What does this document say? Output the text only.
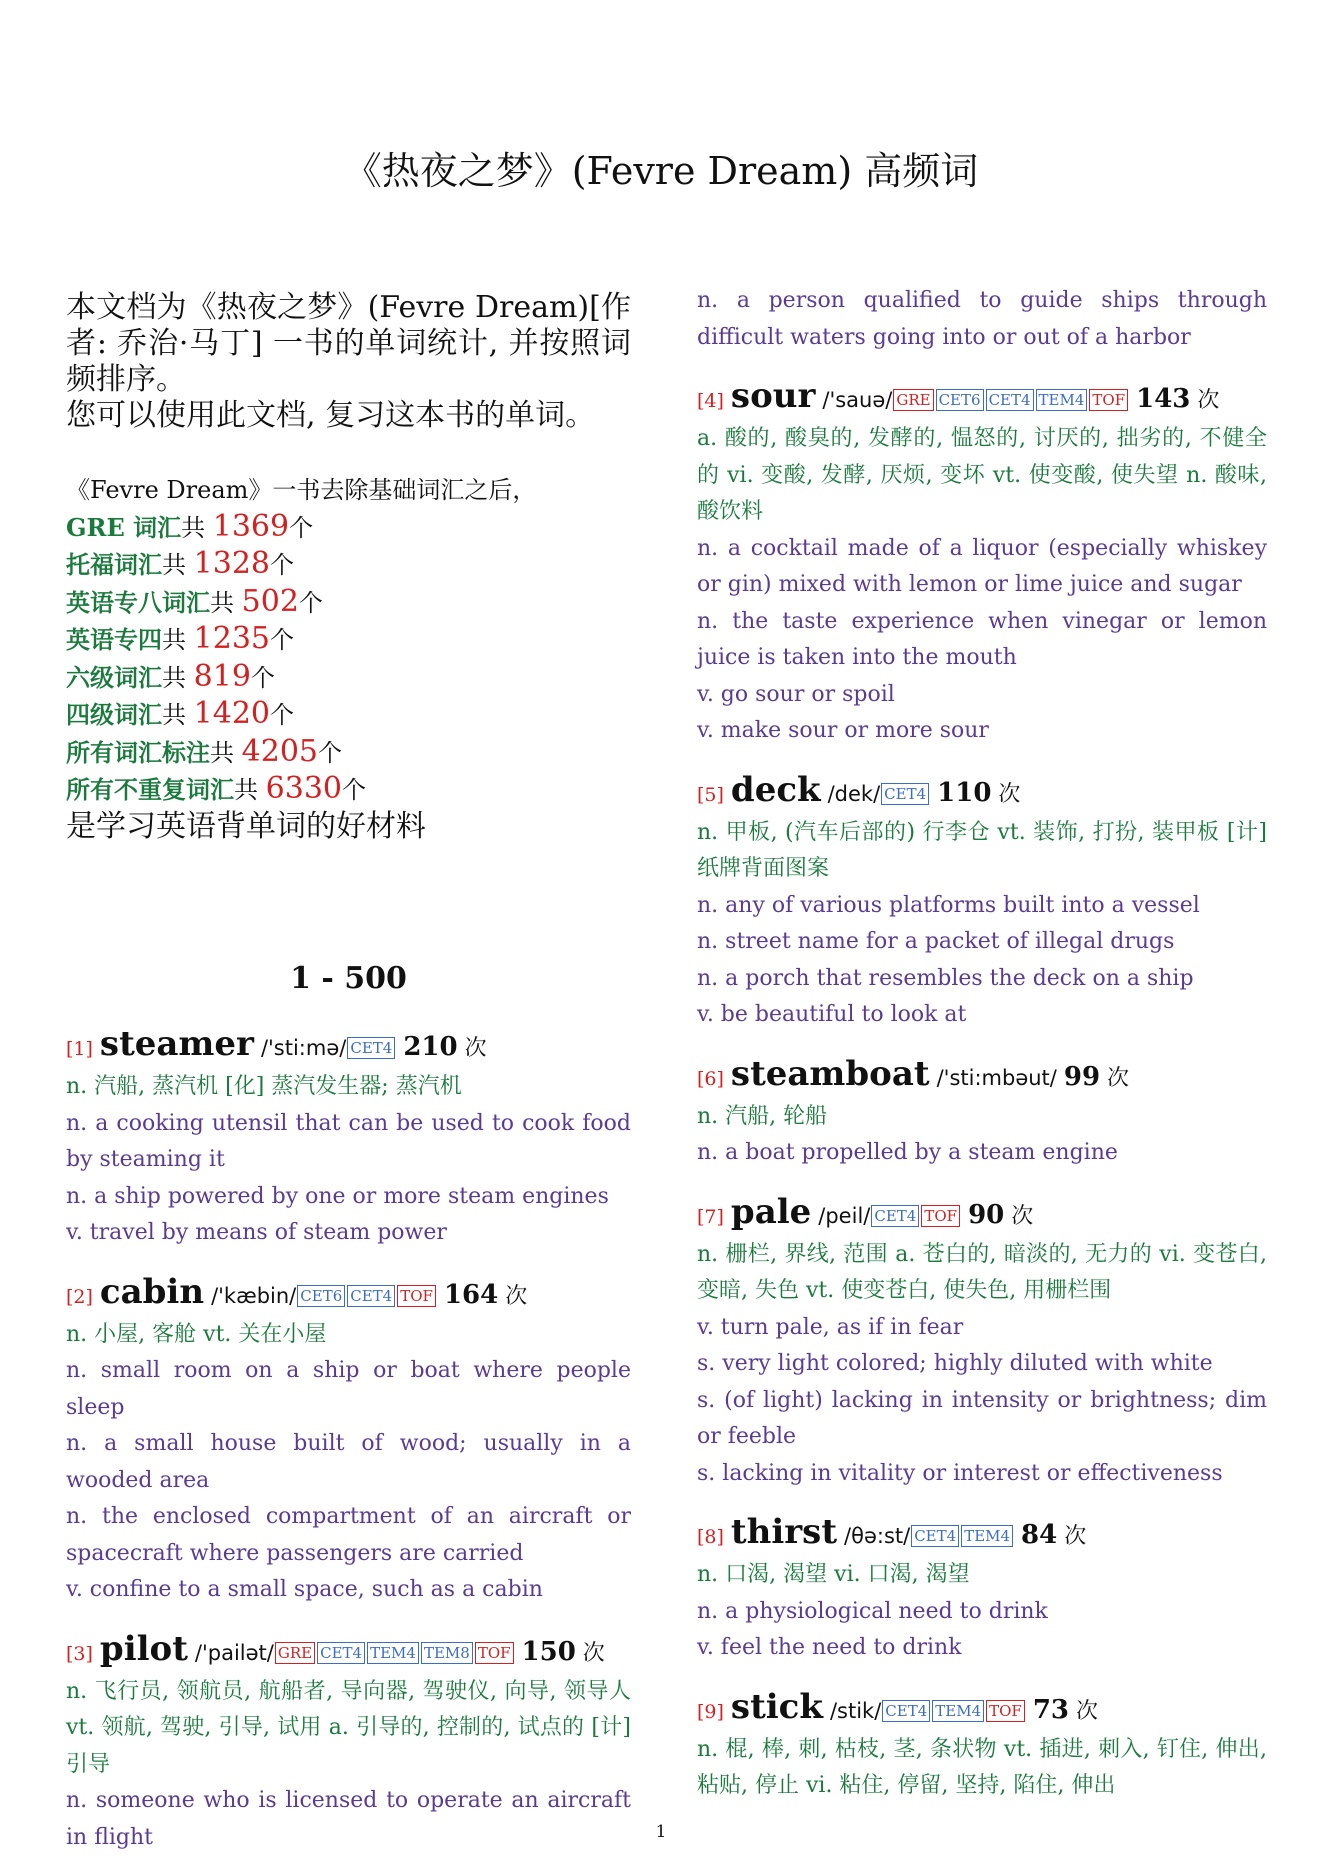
《热夜之梦》(Fevre Dream) 高频词

本文档为《热夜之梦》(Fevre Dream)[作者: 乔治·马丁] 一书的单词统计, 并按照词频排序。

您可以使用此文档, 复习这本书的单词。

《Fevre Dream》一书去除基础词汇之后，
GRE 词汇共 1369个
托福词汇共 1328个
英语专八词汇共 502个
英语专四共 1235个
六级词汇共 819个
四级词汇共 1420个
所有词汇标注共 4205个
所有不重复词汇共 6330个
是学习英语背单词的好材料
1 - 500
[1] steamer /'sti:mə/ CET4 210 次
n. 汽船, 蒸汽机 [化] 蒸汽发生器; 蒸汽机
n. a cooking utensil that can be used to cook food by steaming it
n. a ship powered by one or more steam engines
v. travel by means of steam power
[2] cabin /'kæbin/ CET6 CET4 TOF 164 次
n. 小屋, 客舱 vt. 关在小屋
n. small room on a ship or boat where people sleep
n. a small house built of wood; usually in a wooded area
n. the enclosed compartment of an aircraft or spacecraft where passengers are carried
v. confine to a small space, such as a cabin
[3] pilot /'pailət/ GRE CET4 TEM4 TEM8 TOF 150 次
n. 飞行员, 领航员, 航船者, 导向器, 驾驶仪, 向导, 领导人 vt. 领航, 驾驶, 引导, 试用 a. 引导的, 控制的, 试点的 [计] 引导
n. someone who is licensed to operate an aircraft in flight
n. a person qualified to guide ships through difficult waters going into or out of a harbor
[4] sour /'sauə/ GRE CET6 CET4 TEM4 TOF 143 次
a. 酸的, 酸臭的, 发酵的, 愠怒的, 讨厌的, 拙劣的, 不健全的 vi. 变酸, 发酵, 厌烦, 变坏 vt. 使变酸, 使失望 n. 酸味, 酸饮料
n. a cocktail made of a liquor (especially whiskey or gin) mixed with lemon or lime juice and sugar
n. the taste experience when vinegar or lemon juice is taken into the mouth
v. go sour or spoil
v. make sour or more sour
[5] deck /dek/ CET4 110 次
n. 甲板, (汽车后部的) 行李仓 vt. 装饰, 打扮, 装甲板 [计] 纸牌背面图案
n. any of various platforms built into a vessel
n. street name for a packet of illegal drugs
n. a porch that resembles the deck on a ship
v. be beautiful to look at
[6] steamboat /'sti:mbəut/ 99 次
n. 汽船, 轮船
n. a boat propelled by a steam engine
[7] pale /peil/ CET4 TOF 90 次
n. 栅栏, 界线, 范围 a. 苍白的, 暗淡的, 无力的 vi. 变苍白, 变暗, 失色 vt. 使变苍白, 使失色, 用栅栏围
v. turn pale, as if in fear
s. very light colored; highly diluted with white
s. (of light) lacking in intensity or brightness; dim or feeble
s. lacking in vitality or interest or effectiveness
[8] thirst /θə:st/ CET4 TEM4 84 次
n. 口渴, 渴望 vi. 口渴, 渴望
n. a physiological need to drink
v. feel the need to drink
[9] stick /stik/ CET4 TEM4 TOF 73 次
n. 棍, 棒, 刺, 枯枝, 茎, 条状物 vt. 插进, 刺入, 钉住, 伸出, 粘贴, 停止 vi. 粘住, 停留, 坚持, 陷住, 伸出
1
